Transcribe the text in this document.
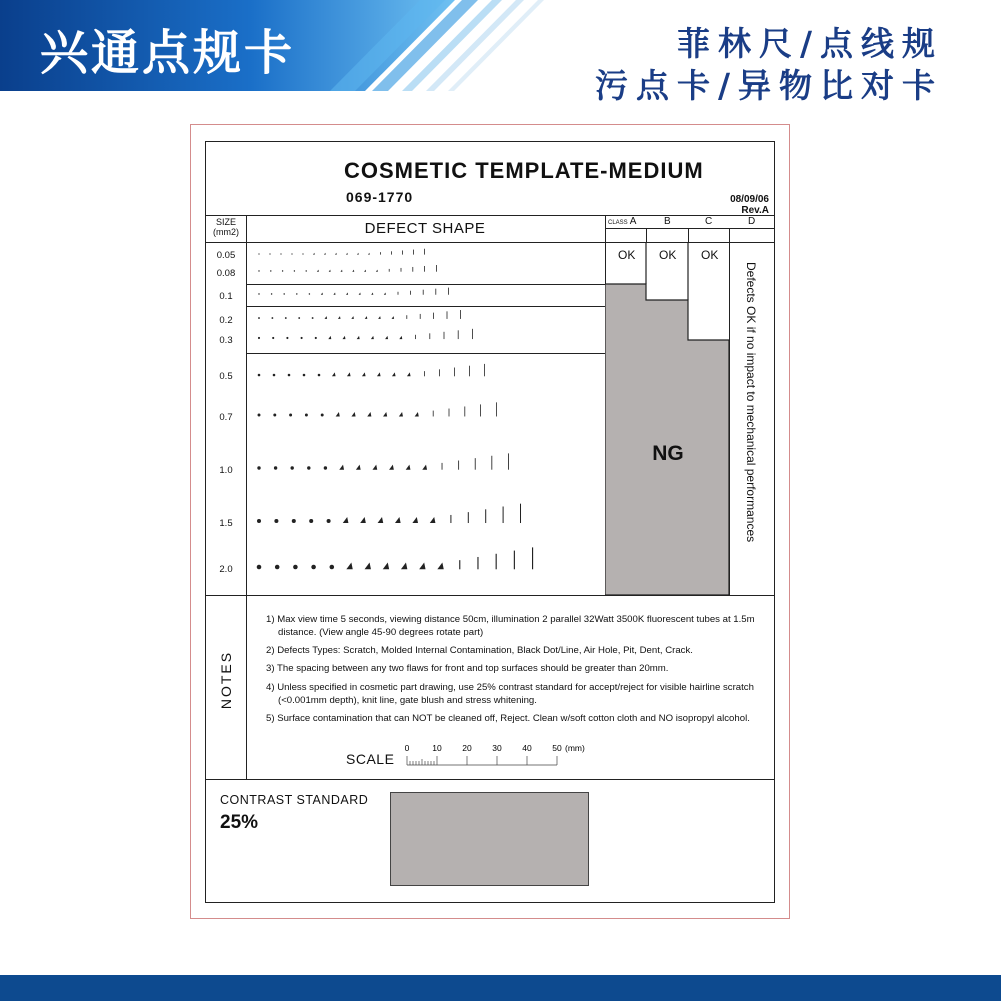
兴通点规卡	菲林尺/点线规
污点卡/异物比对卡
COSMETIC TEMPLATE-MEDIUM
069-1770	08/09/06
Rev.A
SIZE
(mm2)	DEFECT SHAPE	CLASS A	B	C	D
0.05
0.08
0.1
0.2
0.3
0.5
0.7
1.0
1.5
2.0
OK OK OK
NG	Defects OK if no impact to mechanical performances
NOTES
1) Max view time 5 seconds, viewing distance 50cm, illumination 2 parallel 32Watt 3500K fluorescent tubes at 1.5m distance. (View angle 45-90 degrees rotate part)
2) Defects Types: Scratch, Molded Internal Contamination, Black Dot/Line, Air Hole, Pit, Dent, Crack.
3) The spacing between any two flaws for front and top surfaces should be greater than 20mm.
4) Unless specified in cosmetic part drawing, use 25% contrast standard for accept/reject for visible hairline scratch (<0.001mm depth), knit line, gate blush and stress whitening.
5) Surface contamination that can NOT be cleaned off, Reject. Clean w/soft cotton cloth and NO isopropyl alcohol.
SCALE
0	10 20 30 40 50 (mm)
CONTRAST STANDARD
25%
